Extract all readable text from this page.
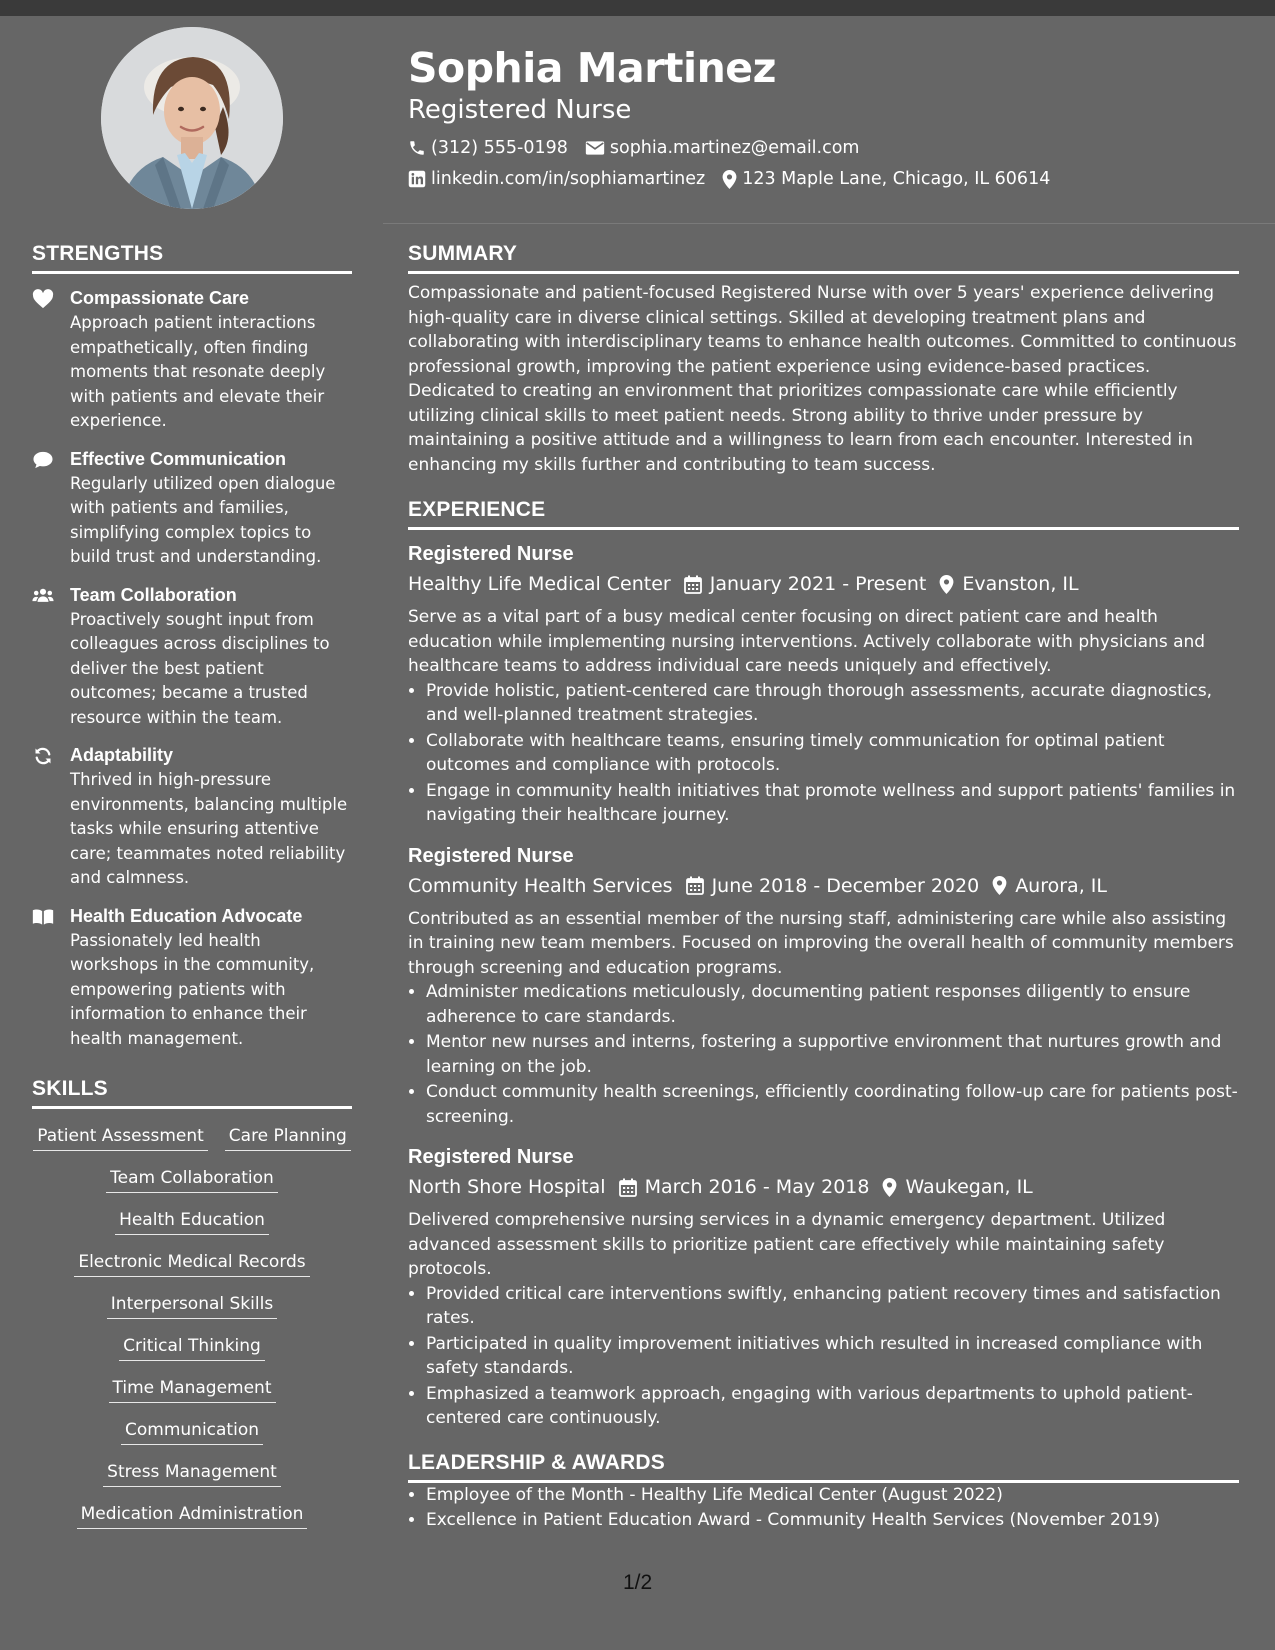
Sophia Martinez
Registered Nurse
(312) 555-0198 sophia.martinez@email.com
linkedin.com/in/sophiamartinez 123 Maple Lane, Chicago, IL 60614
STRENGTHS
Compassionate Care
Approach patient interactions empathetically, often finding moments that resonate deeply with patients and elevate their experience.
Effective Communication
Regularly utilized open dialogue with patients and families, simplifying complex topics to build trust and understanding.
Team Collaboration
Proactively sought input from colleagues across disciplines to deliver the best patient outcomes; became a trusted resource within the team.
Adaptability
Thrived in high-pressure environments, balancing multiple tasks while ensuring attentive care; teammates noted reliability and calmness.
Health Education Advocate
Passionately led health workshops in the community, empowering patients with information to enhance their health management.
SKILLS
Patient Assessment Care Planning
Team Collaboration
Health Education
Electronic Medical Records
Interpersonal Skills
Critical Thinking
Time Management
Communication
Stress Management
Medication Administration
SUMMARY

Compassionate and patient-focused Registered Nurse with over 5 years' experience delivering high-quality care in diverse clinical settings. Skilled at developing treatment plans and collaborating with interdisciplinary teams to enhance health outcomes. Committed to continuous professional growth, improving the patient experience using evidence-based practices. Dedicated to creating an environment that prioritizes compassionate care while efficiently utilizing clinical skills to meet patient needs. Strong ability to thrive under pressure by maintaining a positive attitude and a willingness to learn from each encounter. Interested in enhancing my skills further and contributing to team success.

EXPERIENCE
Registered Nurse
Healthy Life Medical Center January 2021 - Present Evanston, IL

Serve as a vital part of a busy medical center focusing on direct patient care and health education while implementing nursing interventions. Actively collaborate with physicians and healthcare teams to address individual care needs uniquely and effectively.

• Provide holistic, patient-centered care through thorough assessments, accurate diagnostics, and well-planned treatment strategies.
• Collaborate with healthcare teams, ensuring timely communication for optimal patient outcomes and compliance with protocols.
• Engage in community health initiatives that promote wellness and support patients' families in navigating their healthcare journey.
Registered Nurse
Community Health Services June 2018 - December 2020 Aurora, IL

Contributed as an essential member of the nursing staff, administering care while also assisting in training new team members. Focused on improving the overall health of community members through screening and education programs.

• Administer medications meticulously, documenting patient responses diligently to ensure adherence to care standards.
• Mentor new nurses and interns, fostering a supportive environment that nurtures growth and learning on the job.
• Conduct community health screenings, efficiently coordinating follow-up care for patients post-screening.
Registered Nurse
North Shore Hospital March 2016 - May 2018 Waukegan, IL

Delivered comprehensive nursing services in a dynamic emergency department. Utilized advanced assessment skills to prioritize patient care effectively while maintaining safety protocols.

• Provided critical care interventions swiftly, enhancing patient recovery times and satisfaction rates.
• Participated in quality improvement initiatives which resulted in increased compliance with safety standards.
• Emphasized a teamwork approach, engaging with various departments to uphold patient-centered care continuously.
LEADERSHIP & AWARDS
• Employee of the Month - Healthy Life Medical Center (August 2022)
• Excellence in Patient Education Award - Community Health Services (November 2019)
1/2
